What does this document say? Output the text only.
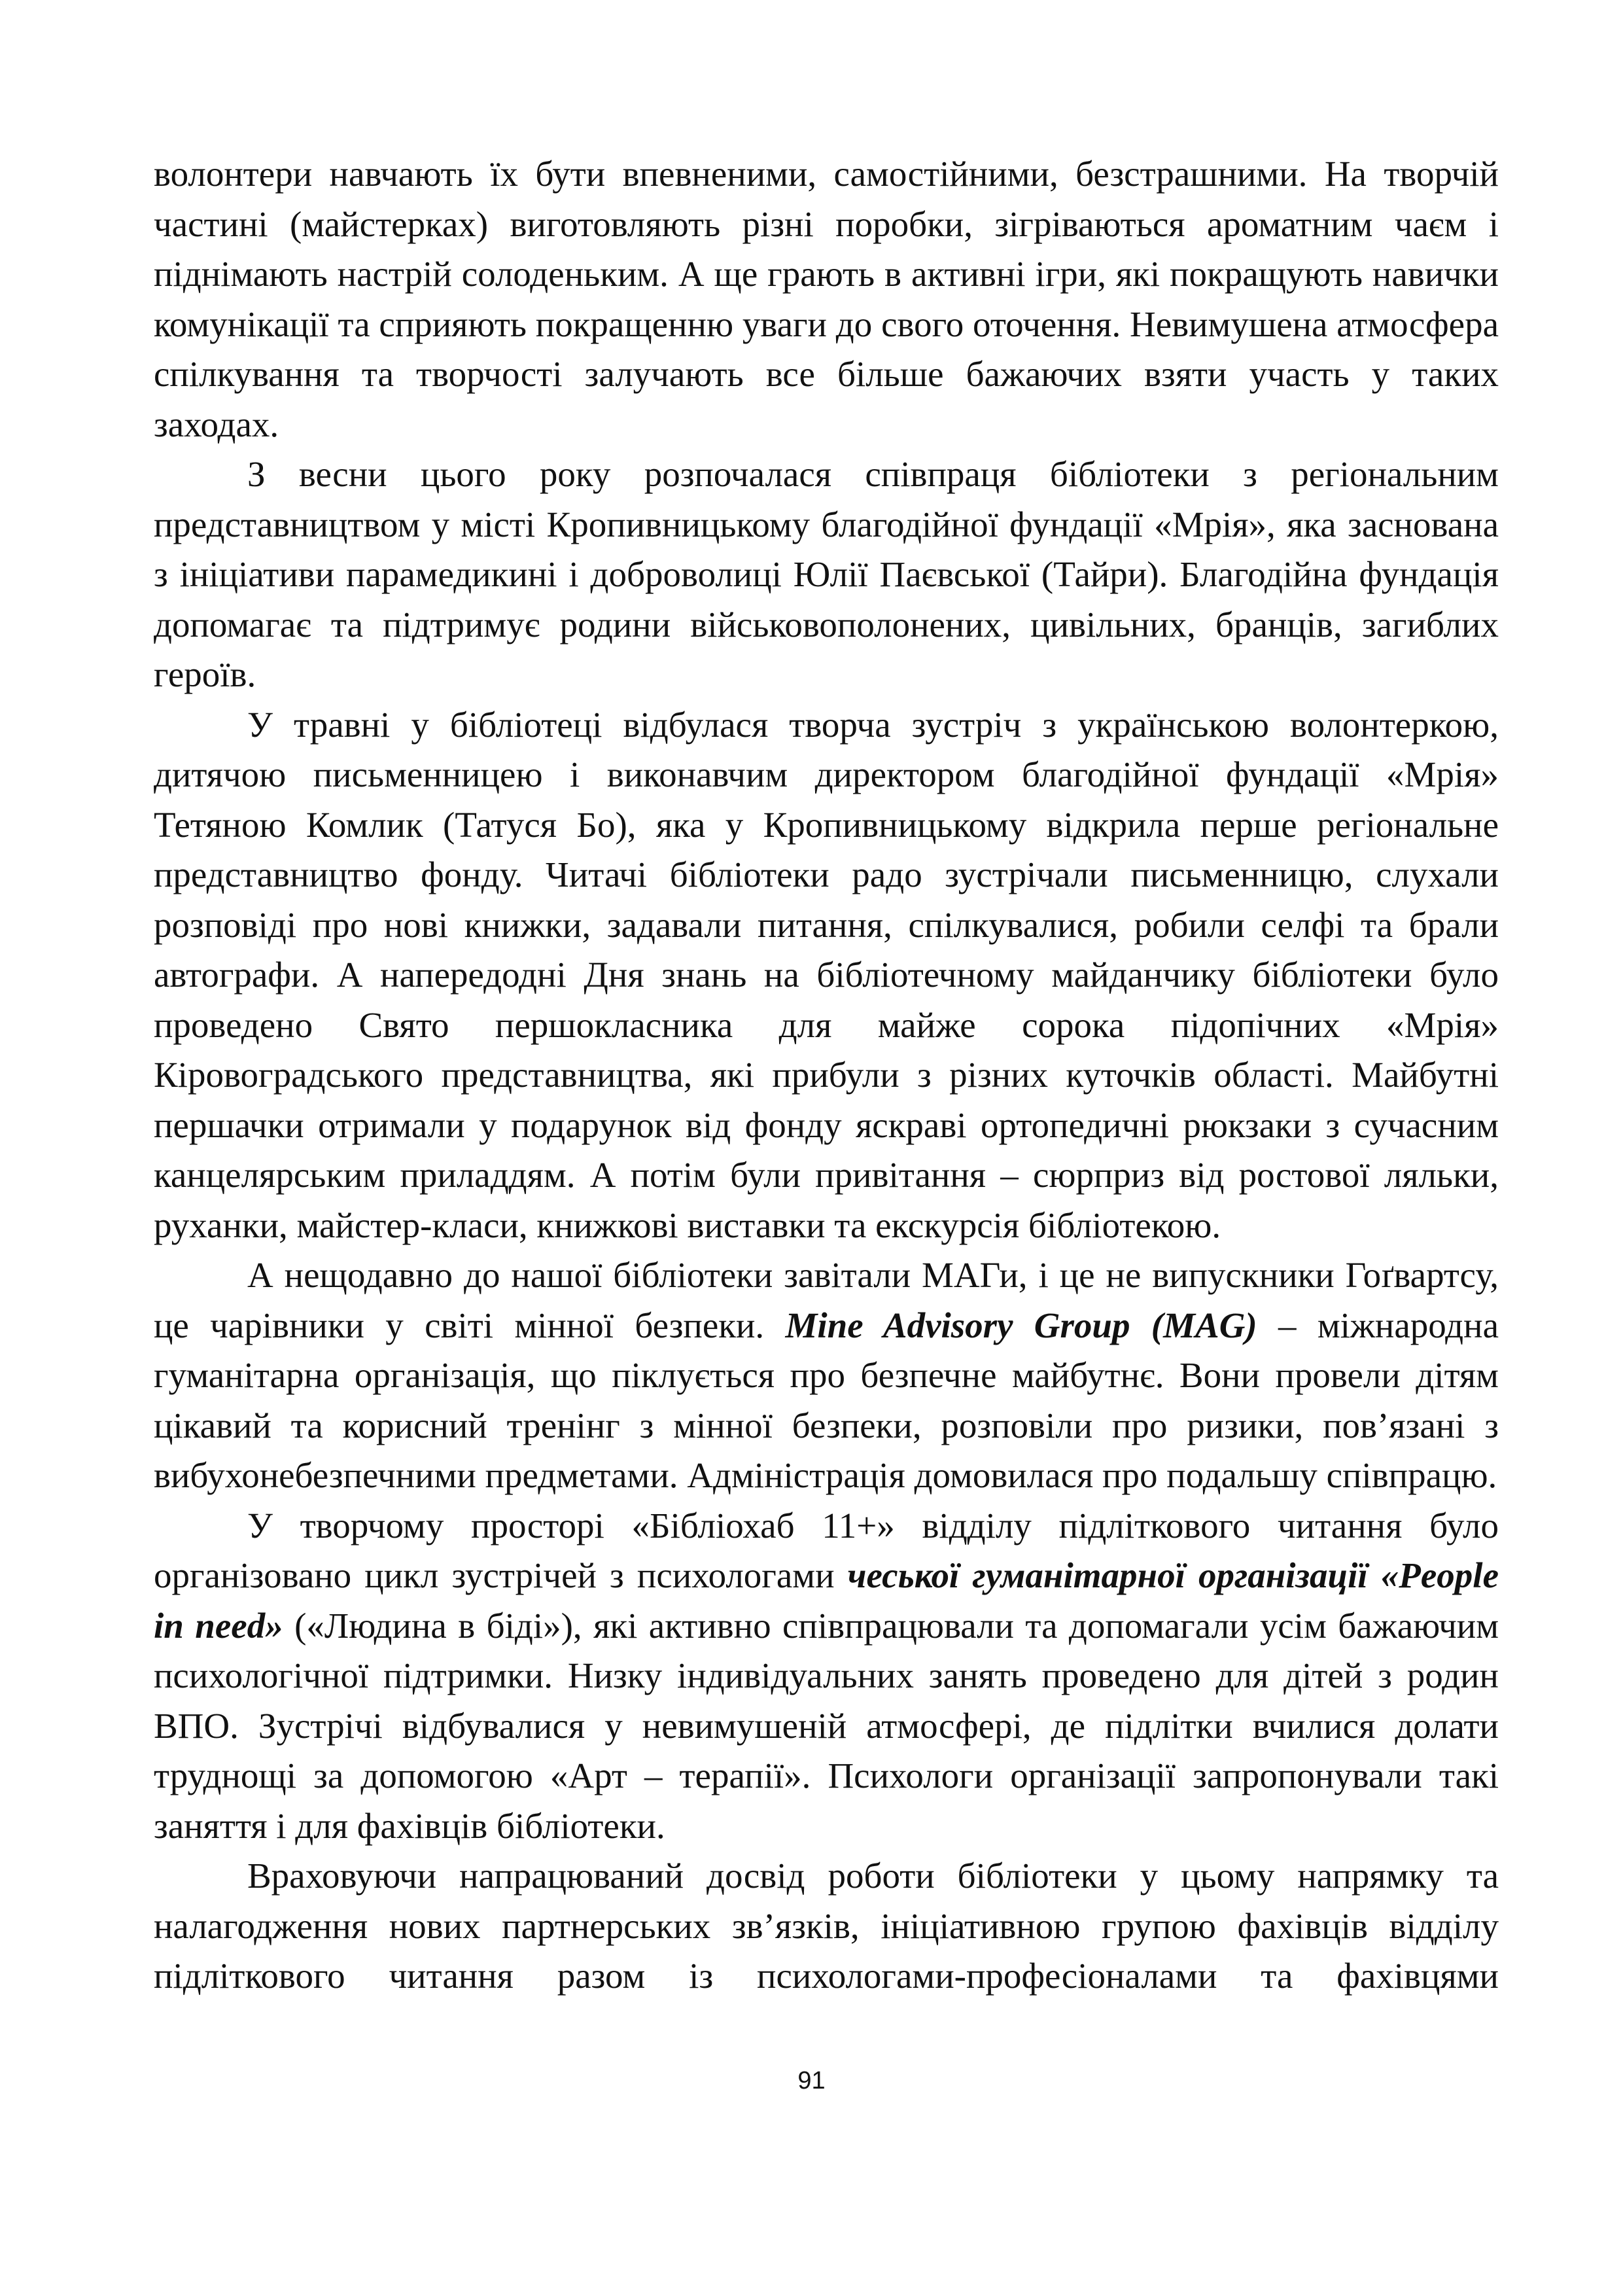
волонтери навчають їх бути впевненими, самостійними, безстрашними. На творчій частині (майстерках) виготовляють різні поробки, зігріваються ароматним чаєм і піднімають настрій солоденьким. А ще грають в активні ігри, які покращують навички комунікації та сприяють покращенню уваги до свого оточення. Невимушена атмосфера спілкування та творчості залучають все більше бажаючих взяти участь у таких заходах.

З весни цього року розпочалася співпраця бібліотеки з регіональним представництвом у місті Кропивницькому благодійної фундації «Мрія», яка заснована з ініціативи парамедикині і доброволиці Юлії Паєвської (Тайри). Благодійна фундація допомагає та підтримує родини військовополонених, цивільних, бранців, загиблих героїв.

У травні у бібліотеці відбулася творча зустріч з українською волонтеркою, дитячою письменницею і виконавчим директором благодійної фундації «Мрія» Тетяною Комлик (Татуся Бо), яка у Кропивницькому відкрила перше регіональне представництво фонду. Читачі бібліотеки радо зустрічали письменницю, слухали розповіді про нові книжки, задавали питання, спілкувалися, робили селфі та брали автографи. А напередодні Дня знань на бібліотечному майданчику бібліотеки було проведено Свято першокласника для майже сорока підопічних «Мрія» Кіровоградського представництва, які прибули з різних куточків області. Майбутні першачки отримали у подарунок від фонду яскраві ортопедичні рюкзаки з сучасним канцелярським приладдям. А потім були привітання – сюрприз від ростової ляльки, руханки, майстер-класи, книжкові виставки та екскурсія бібліотекою.

А нещодавно до нашої бібліотеки завітали МАГи, і це не випускники Гоґвартсу, це чарівники у світі мінної безпеки. Mine Advisory Group (MAG) – міжнародна гуманітарна організація, що піклується про безпечне майбутнє. Вони провели дітям цікавий та корисний тренінг з мінної безпеки, розповіли про ризики, пов’язані з вибухонебезпечними предметами. Адміністрація домовилася про подальшу співпрацю.

У творчому просторі «Бібліохаб 11+» відділу підліткового читання було організовано цикл зустрічей з психологами чеської гуманітарної організації «People in need» («Людина в біді»), які активно співпрацювали та допомагали усім бажаючим психологічної підтримки. Низку індивідуальних занять проведено для дітей з родин ВПО. Зустрічі відбувалися у невимушеній атмосфері, де підлітки вчилися долати труднощі за допомогою «Арт – терапії». Психологи організації запропонували такі заняття і для фахівців бібліотеки.

Враховуючи напрацюваний досвід роботи бібліотеки у цьому напрямку та налагодження нових партнерських зв’язків, ініціативною групою фахівців відділу підліткового читання разом із психологами-професіоналами та фахівцями

91
